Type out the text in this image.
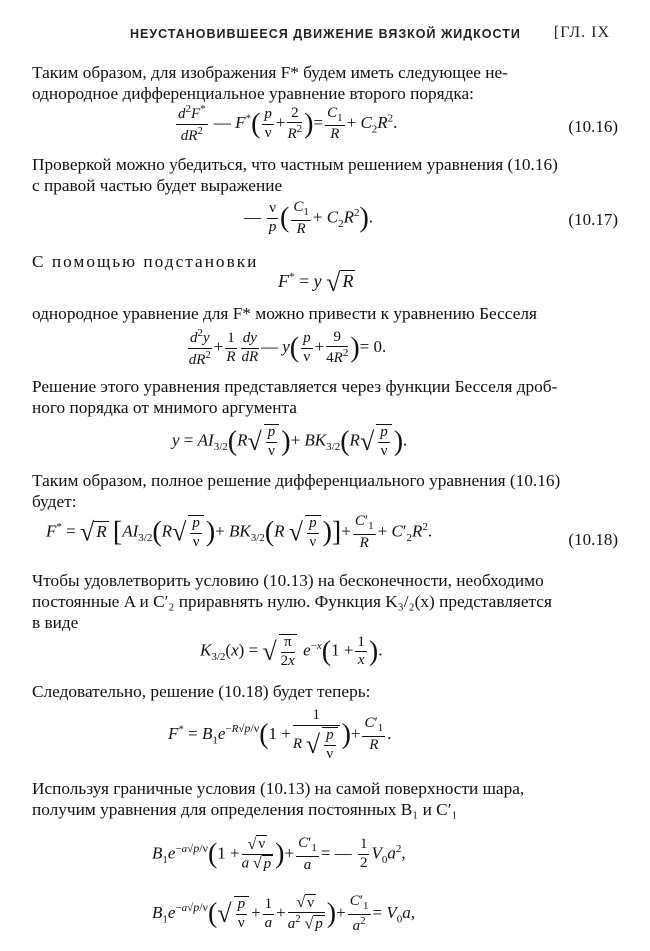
НЕУСТАНОВИВШЕЕСЯ ДВИЖЕНИЕ ВЯЗКОЙ ЖИДКОСТИ [ГЛ. IX
Таким образом, для изображения F* будем иметь следующее не-
однородное дифференциальное уравнение второго порядка:
$\frac{d^2F^*}{dR^2}$ — $F^*( \frac{p}{\nu} + \frac{2}{R^2}$ )= $\frac{C_1}{R} + C_2R^2$.	(10.16)
Проверкой можно убедиться, что частным решением уравнения (10.16)
с правой частью будет выражение
— $\frac{\nu}{p}$ ( $\frac{C_1}{R} + C_2R^2$).	(10.17)
С помощью подстановки
F* = y √ R
однородное уравнение для F* можно привести к уравнению Бесселя
$\frac{d^2y}{dR^2} + \frac{1}{R} \frac{dy}{dR}$ — $y( \frac{p}{\nu} + \frac{9}{4R^2}$ )= 0.
Решение этого уравнения представляется через функции Бесселя дроб-
ного порядка от мнимого аргумента
$y = AI_{3/2}(R√ \frac{p}{\nu}$ )+ $BK_{3/2}(R√ \frac{p}{\nu}$ ).
Таким образом, полное решение дифференциального уравнения (10.16)
будет:
F* = √ R [$AI_{3/2}(R√ \frac{p}{\nu}$ )+ $BK_{3/2}(R$ √ $\frac{p}{\nu}$ )]+ $\frac{C'_1}{R} + C'_2R^2$.	(10.18)
Чтобы удовлетворить условию (10.13) на бесконечности, необходимо
постоянные A и C′₂ приравнять нулю. Функция K₃/₂(x) представляется
в виде
$K_{3/2}(x)$ = √ $\frac{\pi}{2x} e^{-x}(1 + \frac{1}{x}$ ).
Следовательно, решение (10.18) будет теперь:
$F^* = B_1e^{-R√p/\nu}(1 + \frac{1}{R √ \frac{p}{\nu}}$ )+ $\frac{C'_1}{R}$ .
Используя граничные условия (10.13) на самой поверхности шара,
получим уравнения для определения постоянных B₁ и C′₁
$B_1e^{-a√p/\nu}(1 + \frac{√ \nu}{a √ p}$ )+ $\frac{C'_1}{a}$ = — $\frac{1}{2} V_0a^2$,
$B_1e^{-a√p/\nu}(√ \frac{p}{\nu} + \frac{1}{a} + \frac{√ \nu}{a^2 √ p}$ )+ $\frac{C'_1}{a^2} = V_0a$,
